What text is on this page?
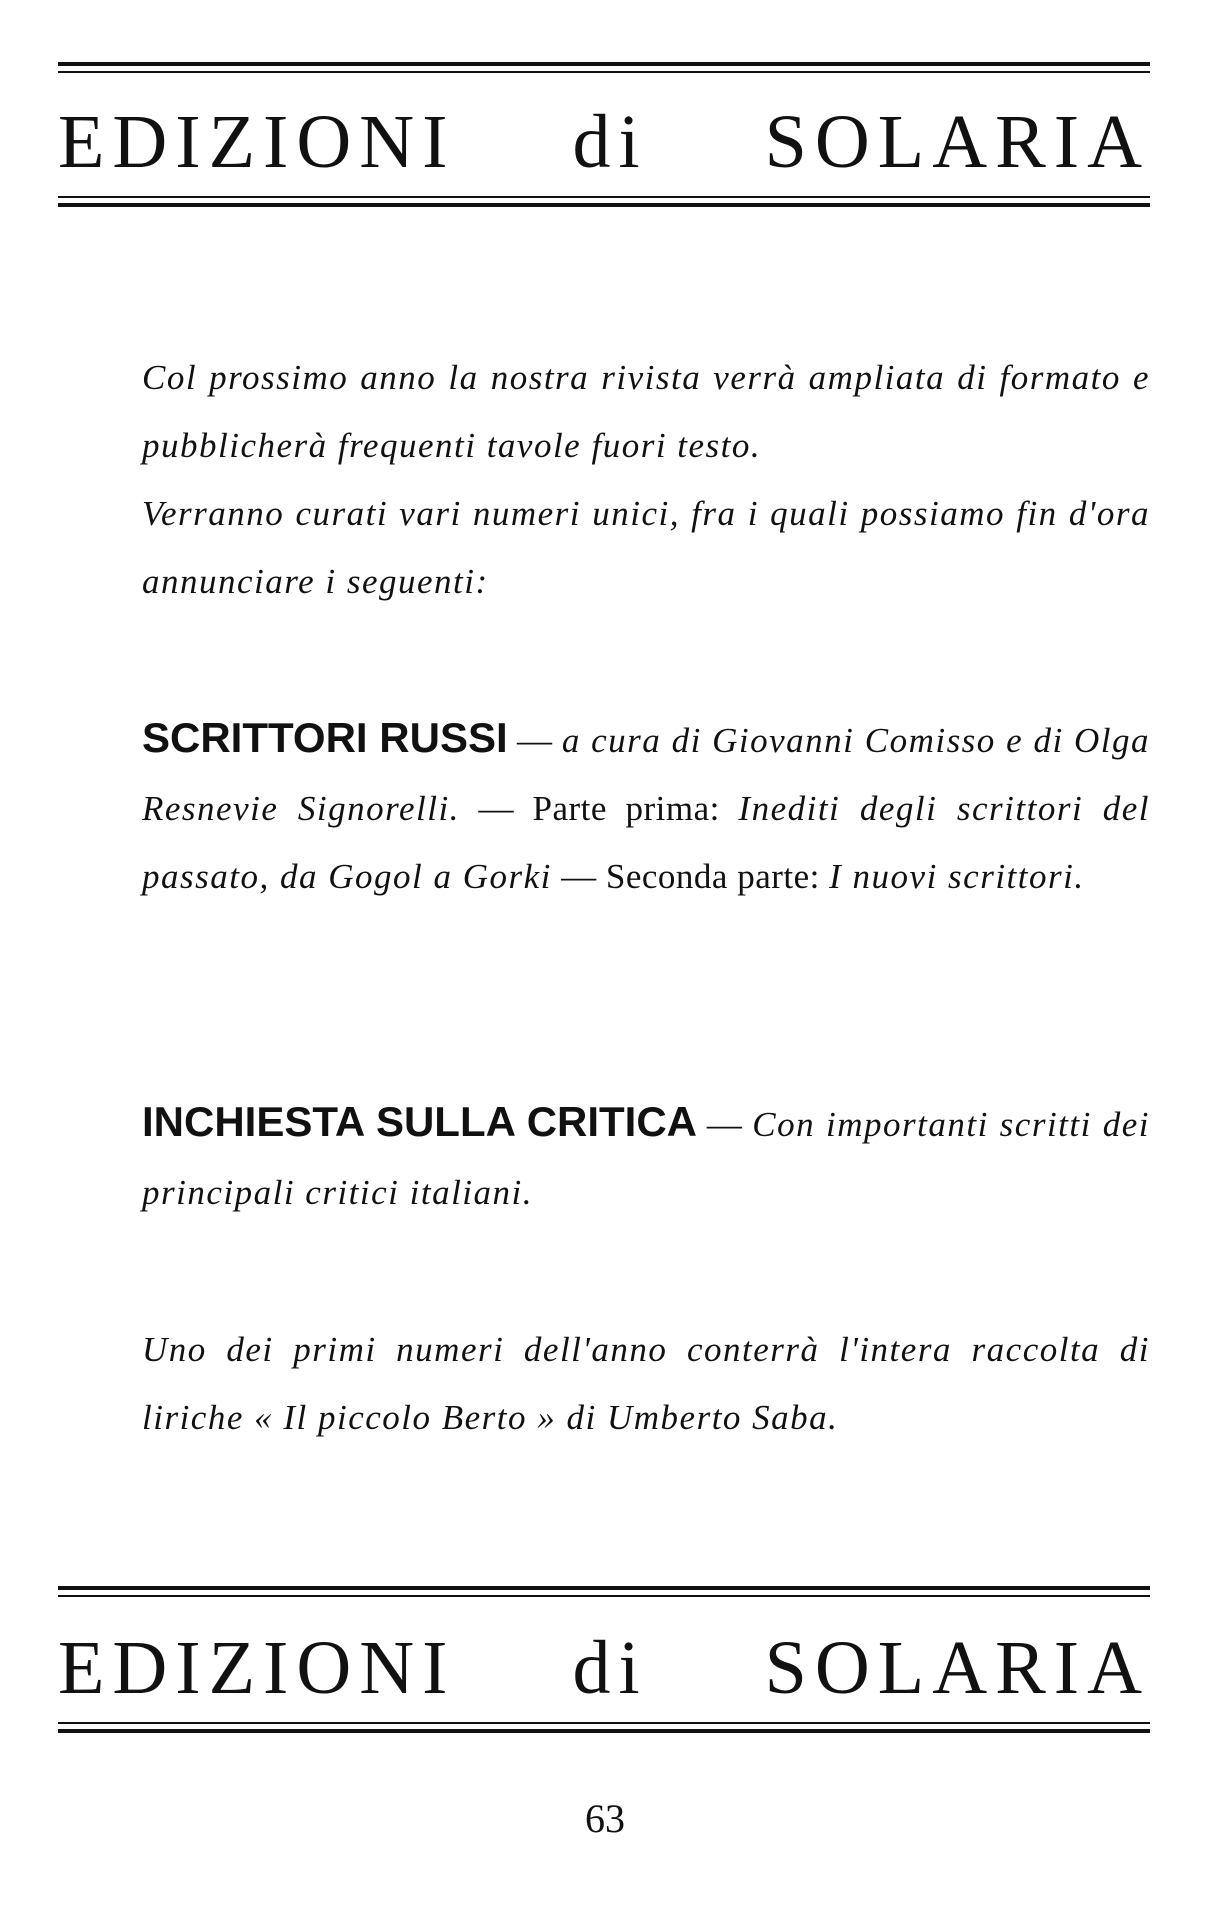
EDIZIONI di SOLARIA

Col prossimo anno la nostra rivista verrà ampliata di formato e pubblicherà frequenti tavole fuori testo.

Verranno curati vari numeri unici, fra i quali possiamo fin d'ora annunciare i seguenti:

SCRITTORI RUSSI — a cura di Giovanni Comisso e di Olga Resnevie Signorelli. — Parte prima: Inediti degli scrittori del passato, da Gogol a Gorki — Seconda parte: I nuovi scrittori.

INCHIESTA SULLA CRITICA — Con importanti scritti dei principali critici italiani.

Uno dei primi numeri dell'anno conterrà l'intera raccolta di liriche « Il piccolo Berto » di Umberto Saba.

EDIZIONI di SOLARIA
63
